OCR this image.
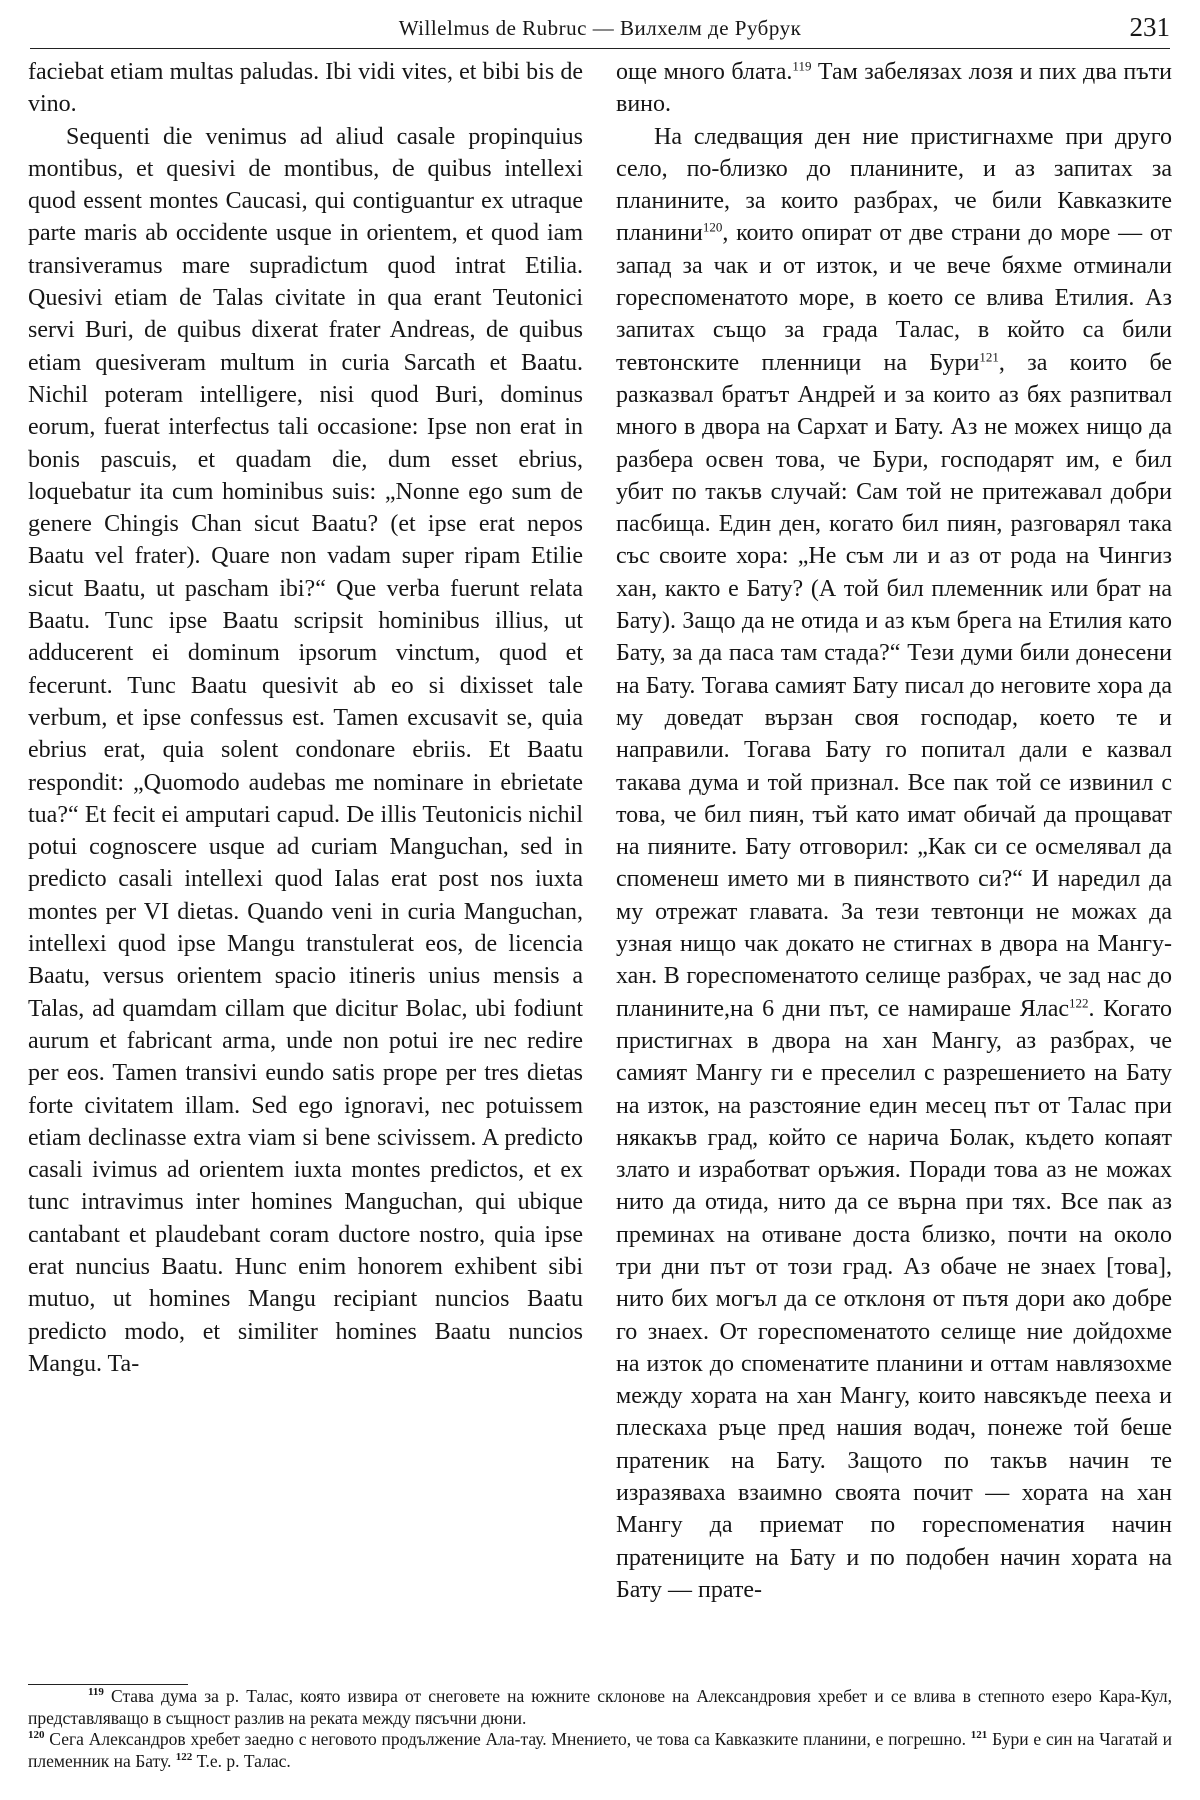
Willelmus de Rubruc — Вилхелм де Рубрук	231

faciebat etiam multas paludas. Ibi vidi vites, et bibi bis de vino.

Sequenti die venimus ad aliud casale propinquius montibus, et quesivi de montibus, de quibus intellexi quod essent montes Caucasi, qui contiguantur ex utraque parte maris ab occidente usque in orientem, et quod iam transiveramus mare supradictum quod intrat Etilia. Quesivi etiam de Talas civitate in qua erant Teutonici servi Buri, de quibus dixerat frater Andreas, de quibus etiam quesiveram multum in curia Sarcath et Baatu. Nichil poteram intelligere, nisi quod Buri, dominus eorum, fuerat interfectus tali occasione: Ipse non erat in bonis pascuis, et quadam die, dum esset ebrius, loquebatur ita cum hominibus suis: „Nonne ego sum de genere Chingis Chan sicut Baatu? (et ipse erat nepos Baatu vel frater). Quare non vadam super ripam Etilie sicut Baatu, ut pascham ibi?“ Que verba fuerunt relata Baatu. Tunc ipse Baatu scripsit hominibus illius, ut adducerent ei dominum ipsorum vinctum, quod et fecerunt. Tunc Baatu quesivit ab eo si dixisset tale verbum, et ipse confessus est. Tamen excusavit se, quia ebrius erat, quia solent condonare ebriis. Et Baatu respondit: „Quomodo audebas me nominare in ebrietate tua?“ Et fecit ei amputari capud. De illis Teutonicis nichil potui cognoscere usque ad curiam Manguchan, sed in predicto casali intellexi quod Ialas erat post nos iuxta montes per VI dietas. Quando veni in curia Manguchan, intellexi quod ipse Mangu transtulerat eos, de licencia Baatu, versus orientem spacio itineris unius mensis a Talas, ad quamdam cillam que dicitur Bolac, ubi fodiunt aurum et fabricant arma, unde non potui ire nec redire per eos. Tamen transivi eundo satis prope per tres dietas forte civitatem illam. Sed ego ignoravi, nec potuissem etiam declinasse extra viam si bene scivissem. A predicto casali ivimus ad orientem iuxta montes predictos, et ex tunc intravimus inter homines Manguchan, qui ubique cantabant et plaudebant coram ductore nostro, quia ipse erat nuncius Baatu. Hunc enim honorem exhibent sibi mutuo, ut homines Mangu recipiant nuncios Baatu predicto modo, et similiter homines Baatu nuncios Mangu. Ta-

още много блата.$^{119}$ Там забелязах лозя и пих два пъти вино.

На следващия ден ние пристигнахме при друго село, по-близко до планините, и аз запитах за планините, за които разбрах, че били Кавказките планини$^{120}$, които опират от две страни до море — от запад за чак и от изток, и че вече бяхме отминали гореспоменатото море, в което се влива Етилия. Аз запитах също за града Талас, в който са били тевтонските пленници на Бури$^{121}$, за които бе разказвал братът Андрей и за които аз бях разпитвал много в двора на Сархат и Бату. Аз не можех нищо да разбера освен това, че Бури, господарят им, е бил убит по такъв случай: Сам той не притежавал добри пасбища. Един ден, когато бил пиян, разговарял така със своите хора: „Не съм ли и аз от рода на Чингиз хан, както е Бату? (А той бил племенник или брат на Бату). Защо да не отида и аз към брега на Етилия като Бату, за да паса там стада?“ Тези думи били донесени на Бату. Тогава самият Бату писал до неговите хора да му доведат вързан своя господар, което те и направили. Тогава Бату го попитал дали е казвал такава дума и той признал. Все пак той се извинил с това, че бил пиян, тъй като имат обичай да прощават на пияните. Бату отговорил: „Как си се осмелявал да споменеш името ми в пиянството си?“ И наредил да му отрежат главата. За тези тевтонци не можах да узная нищо чак докато не стигнах в двора на Мангу-хан. В гореспоменатото селище разбрах, че зад нас до планините,на 6 дни път, се намираше Ялас$^{122}$. Когато пристигнах в двора на хан Мангу, аз разбрах, че самият Мангу ги е преселил с разрешението на Бату на изток, на разстояние един месец път от Талас при някакъв град, който се нарича Болак, където копаят злато и изработват оръжия. Поради това аз не можах нито да отида, нито да се върна при тях. Все пак аз преминах на отиване доста близко, почти на около три дни път от този град. Аз обаче не знаех [това], нито бих могъл да се отклоня от пътя дори ако добре го знаех. От гореспоменатото селище ние дойдохме на изток до споменатите планини и оттам навлязохме между хората на хан Мангу, които навсякъде пееха и плескаха ръце пред нашия водач, понеже той беше пратеник на Бату. Защото по такъв начин те изразяваха взаимно своята почит — хората на хан Мангу да приемат по гореспоменатия начин пратениците на Бату и по подобен начин хората на Бату — прате-

$^{119}$ Става дума за р. Талас, която извира от снеговете на южните склонове на Александровия хребет и се влива в степното езеро Кара-Кул, представляващо в същност разлив на реката между пясъчни дюни.

$^{120}$ Сега Александров хребет заедно с неговото продължение Ала-тау. Мнението, че това са Кавказките планини, е погрешно. $^{121}$ Бури е син на Чагатай и племенник на Бату. $^{122}$ Т.е. р. Талас.
